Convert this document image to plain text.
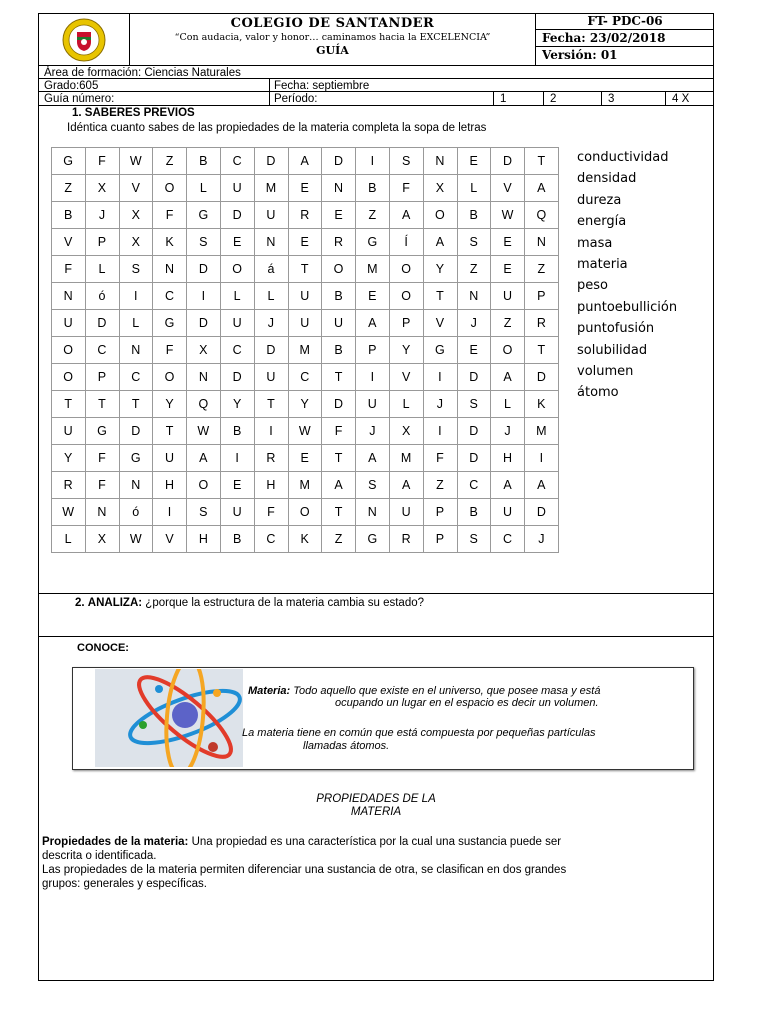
COLEGIO DE SANTANDER
“Con audacia, valor y honor… caminamos hacia la EXCELENCIA”
GUÍA
FT- PDC-06
Fecha: 23/02/2018
Versión: 01
Área de formación: Ciencias Naturales
Grado:605	Fecha: septiembre
Guía número:	Período:	1	2	3	4 X
1. SABERES PREVIOS
Idéntica cuanto sabes de las propiedades de la materia completa la sopa de letras
G	F	W	Z	B	C	D	A	D	I	S	N	E	D	T
Z	X	V	O	L	U	M	E	N	B	F	X	L	V	A
B	J	X	F	G	D	U	R	E	Z	A	O	B	W	Q
V	P	X	K	S	E	N	E	R	G	Í	A	S	E	N
F	L	S	N	D	O	á	T	O	M	O	Y	Z	E	Z
N	ó	I	C	I	L	L	U	B	E	O	T	N	U	P
U	D	L	G	D	U	J	U	U	A	P	V	J	Z	R
O	C	N	F	X	C	D	M	B	P	Y	G	E	O	T
O	P	C	O	N	D	U	C	T	I	V	I	D	A	D
T	T	T	Y	Q	Y	T	Y	D	U	L	J	S	L	K
U	G	D	T	W	B	I	W	F	J	X	I	D	J	M
Y	F	G	U	A	I	R	E	T	A	M	F	D	H	I
R	F	N	H	O	E	H	M	A	S	A	Z	C	A	A
W	N	ó	I	S	U	F	O	T	N	U	P	B	U	D
L	X	W	V	H	B	C	K	Z	G	R	P	S	C	J
conductividad
densidad
dureza
energía
masa
materia
peso
puntoebullición
puntofusión
solubilidad
volumen
átomo
2. ANALIZA: ¿porque la estructura de la materia cambia su estado?
CONOCE:
Materia: Todo aquello que existe en el universo, que posee masa y está
ocupando un lugar en el espacio es decir un volumen.
La materia tiene en común que está compuesta por pequeñas partículas
llamadas átomos.
PROPIEDADES DE LA
MATERIA
Propiedades de la materia: Una propiedad es una característica por la cual una sustancia puede ser
descrita o identificada.
Las propiedades de la materia permiten diferenciar una sustancia de otra, se clasifican en dos grandes
grupos: generales y específicas.
